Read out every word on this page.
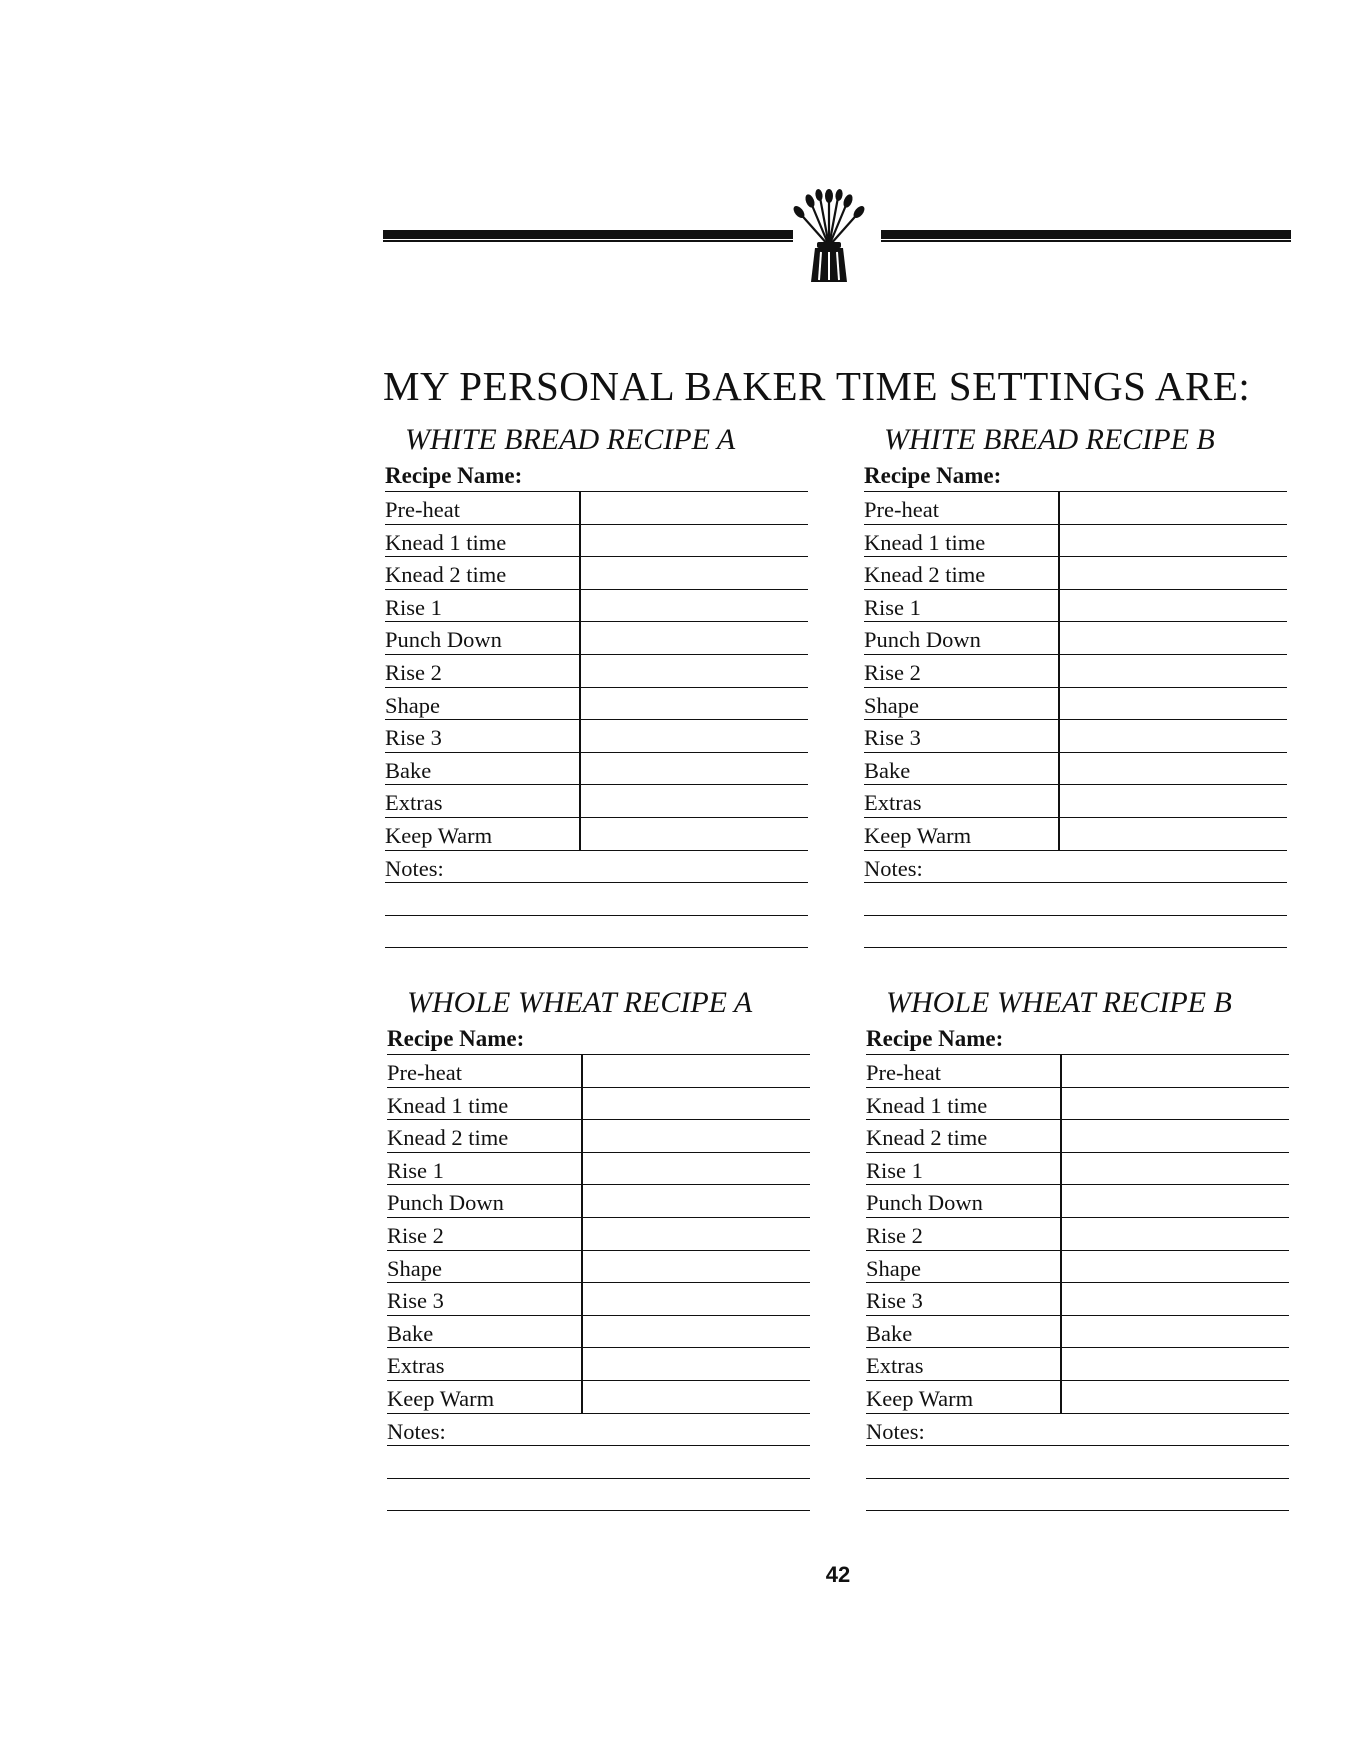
MY PERSONAL BAKER TIME SETTINGS ARE:
WHITE BREAD RECIPE A
Recipe Name:
Pre-heat
Knead 1 time
Knead 2 time
Rise 1
Punch Down
Rise 2
Shape
Rise 3
Bake
Extras
Keep Warm
Notes:
WHITE BREAD RECIPE B
Recipe Name:
Pre-heat
Knead 1 time
Knead 2 time
Rise 1
Punch Down
Rise 2
Shape
Rise 3
Bake
Extras
Keep Warm
Notes:
WHOLE WHEAT RECIPE A
Recipe Name:
Pre-heat
Knead 1 time
Knead 2 time
Rise 1
Punch Down
Rise 2
Shape
Rise 3
Bake
Extras
Keep Warm
Notes:
WHOLE WHEAT RECIPE B
Recipe Name:
Pre-heat
Knead 1 time
Knead 2 time
Rise 1
Punch Down
Rise 2
Shape
Rise 3
Bake
Extras
Keep Warm
Notes:
42
